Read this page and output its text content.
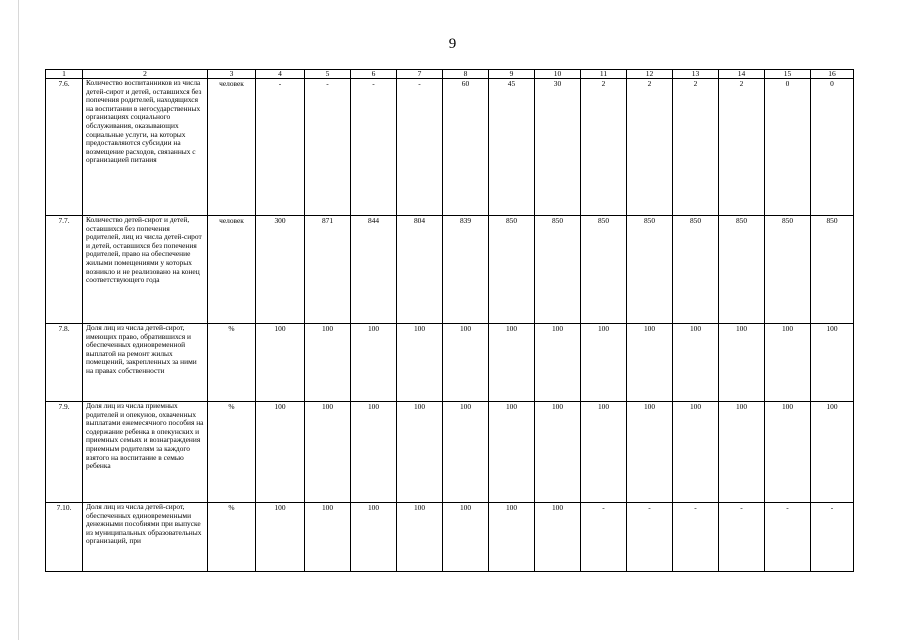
9
1	2	3	4	5	6	7	8	9	10	11	12	13	14	15	16
7.6.	Количество воспитанников из числа детей-сирот и детей, оставшихся без попечения родителей, находящихся на воспитании в негосударственных организациях социального обслуживания, оказывающих социальные услуги, на которых предоставляются субсидии на возмещение расходов, связанных с организацией питания	человек	-	-	-	-	60	45	30	2	2	2	2	0	0
7.7.	Количество детей-сирот и детей, оставшихся без попечения родителей, лиц из числа детей-сирот и детей, оставшихся без попечения родителей, право на обеспечение жилыми помещениями у которых возникло и не реализовано на конец соответствующего года	человек	300	871	844	804	839	850	850	850	850	850	850	850	850
7.8.	Доля лиц из числа детей-сирот, имеющих право, обратившихся и обеспеченных единовременной выплатой на ремонт жилых помещений, закрепленных за ними на правах собственности	%	100	100	100	100	100	100	100	100	100	100	100	100	100
7.9.	Доля лиц из числа приемных родителей и опекунов, охваченных выплатами ежемесячного пособия на содержание ребенка в опекунских и приемных семьях и вознаграждения приемным родителям за каждого взятого на воспитание в семью ребенка	%	100	100	100	100	100	100	100	100	100	100	100	100	100
7.10.	Доля лиц из числа детей-сирот, обеспеченных единовременными денежными пособиями при выпуске из муниципальных образовательных организаций, при	%	100	100	100	100	100	100	100	-	-	-	-	-	-
